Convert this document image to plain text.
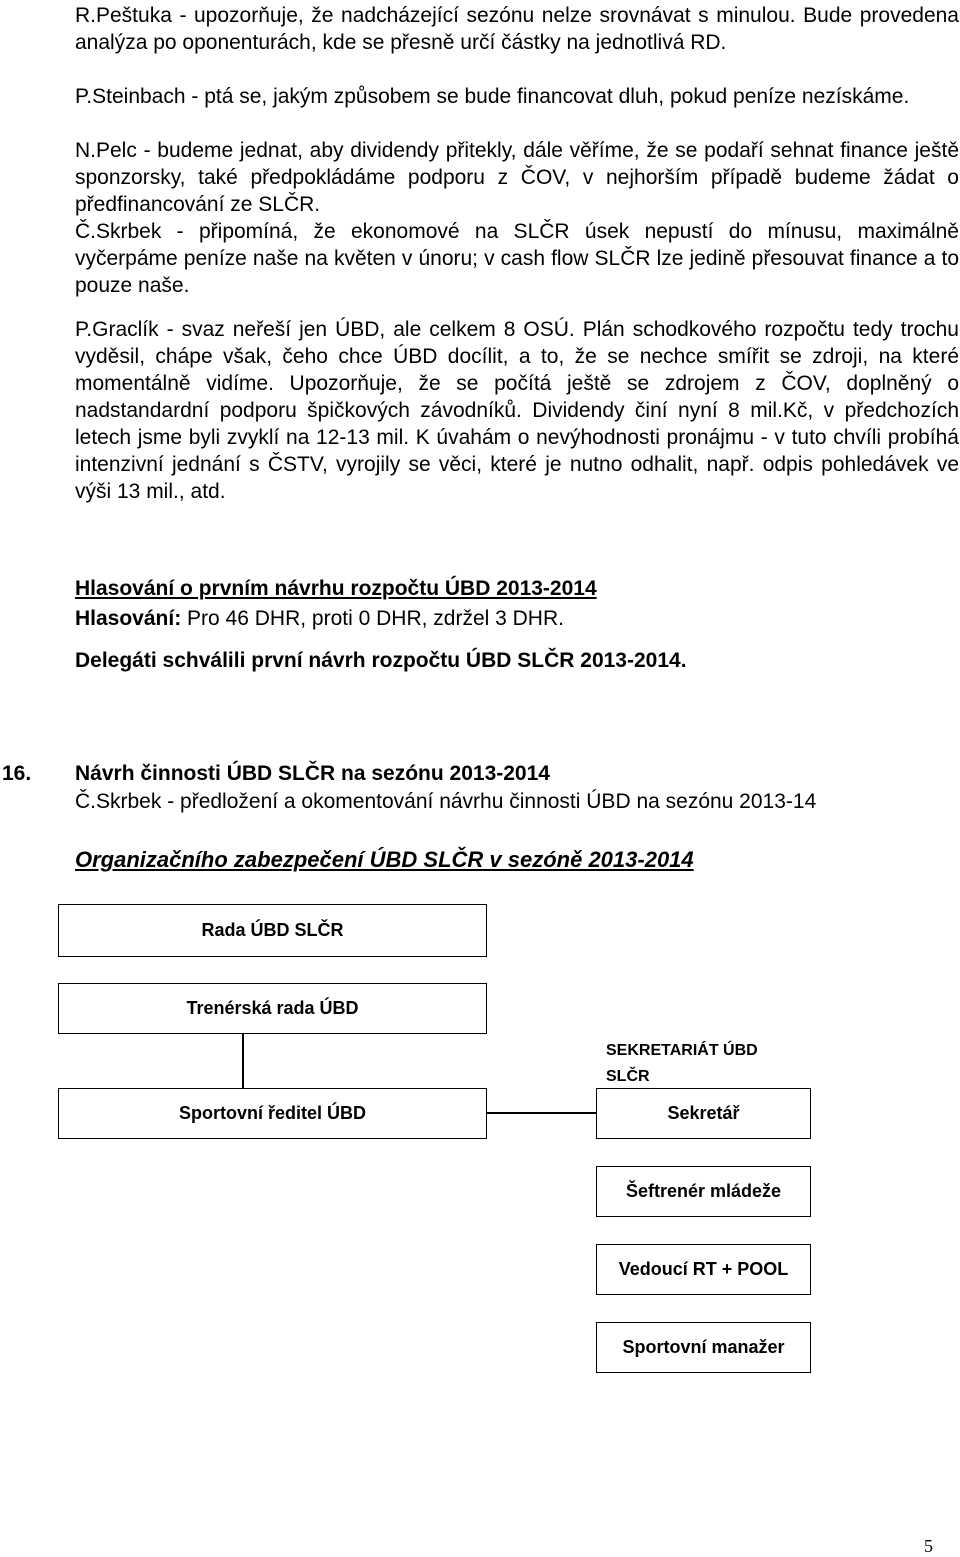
R.Peštuka - upozorňuje, že nadcházející sezónu nelze srovnávat s minulou. Bude provedena analýza po oponenturách, kde se přesně určí částky na jednotlivá RD.
P.Steinbach - ptá se, jakým způsobem se bude financovat dluh, pokud peníze nezískáme.
N.Pelc - budeme jednat, aby dividendy přitekly, dále věříme, že se podaří sehnat finance ještě sponzorsky, také předpokládáme podporu z ČOV, v nejhorším případě budeme žádat o předfinancování ze SLČR.
Č.Skrbek - připomíná, že ekonomové na SLČR úsek nepustí do mínusu, maximálně vyčerpáme peníze naše na květen v únoru; v cash flow SLČR lze jedině přesouvat finance a to pouze naše.
P.Graclík - svaz neřeší jen ÚBD, ale celkem 8 OSÚ. Plán schodkového rozpočtu tedy trochu vyděsil, chápe však, čeho chce ÚBD docílit, a to, že se nechce smířit se zdroji, na které momentálně vidíme. Upozorňuje, že se počítá ještě se zdrojem z ČOV, doplněný o nadstandardní podporu špičkových závodníků. Dividendy činí nyní 8 mil.Kč, v předchozích letech jsme byli zvyklí na 12-13 mil. K úvahám o nevýhodnosti pronájmu - v tuto chvíli probíhá intenzivní jednání s ČSTV, vyrojily se věci, které je nutno odhalit, např. odpis pohledávek ve výši 13 mil., atd.
Hlasování o prvním návrhu rozpočtu ÚBD 2013-2014
Hlasování: Pro 46 DHR, proti 0 DHR, zdržel 3 DHR.
Delegáti schválili první návrh rozpočtu ÚBD SLČR 2013-2014.
16. Návrh činnosti ÚBD SLČR na sezónu 2013-2014
Č.Skrbek - předložení a okomentování návrhu činnosti ÚBD na sezónu 2013-14
Organizačního zabezpečení ÚBD SLČR v sezóně 2013-2014
Rada ÚBD SLČR
Trenérská rada ÚBD
Sportovní ředitel ÚBD
SEKRETARIÁT ÚBD
SLČR
Sekretář
Šeftrenér mládeže
Vedoucí RT + POOL
Sportovní manažer
5
